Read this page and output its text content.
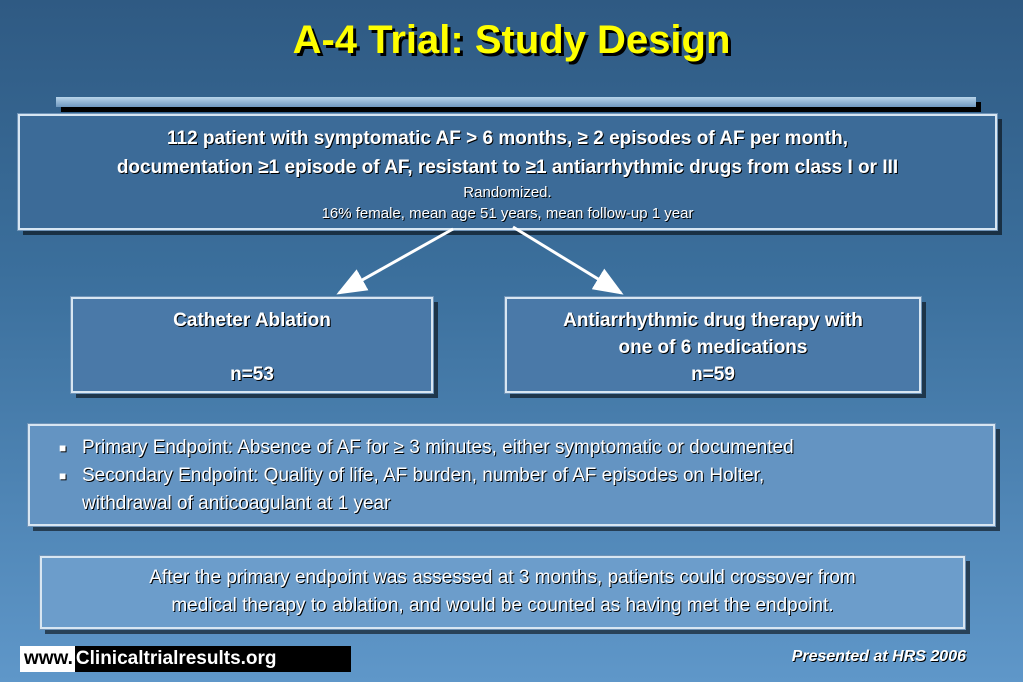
A-4 Trial: Study Design
112 patient with symptomatic AF > 6 months, ≥ 2 episodes of AF per month,
documentation ≥1 episode of AF, resistant to ≥1 antiarrhythmic drugs from class I or III
Randomized.
16% female, mean age 51 years, mean follow-up 1 year
Catheter Ablation

n=53
Antiarrhythmic drug therapy with
one of 6 medications
n=59
■ Primary Endpoint: Absence of AF for ≥ 3 minutes, either symptomatic or documented
■ Secondary Endpoint: Quality of life, AF burden, number of AF episodes on Holter,
withdrawal of anticoagulant at 1 year
After the primary endpoint was assessed at 3 months, patients could crossover from
medical therapy to ablation, and would be counted as having met the endpoint.
www. Clinicaltrialresults.org	Presented at HRS 2006
